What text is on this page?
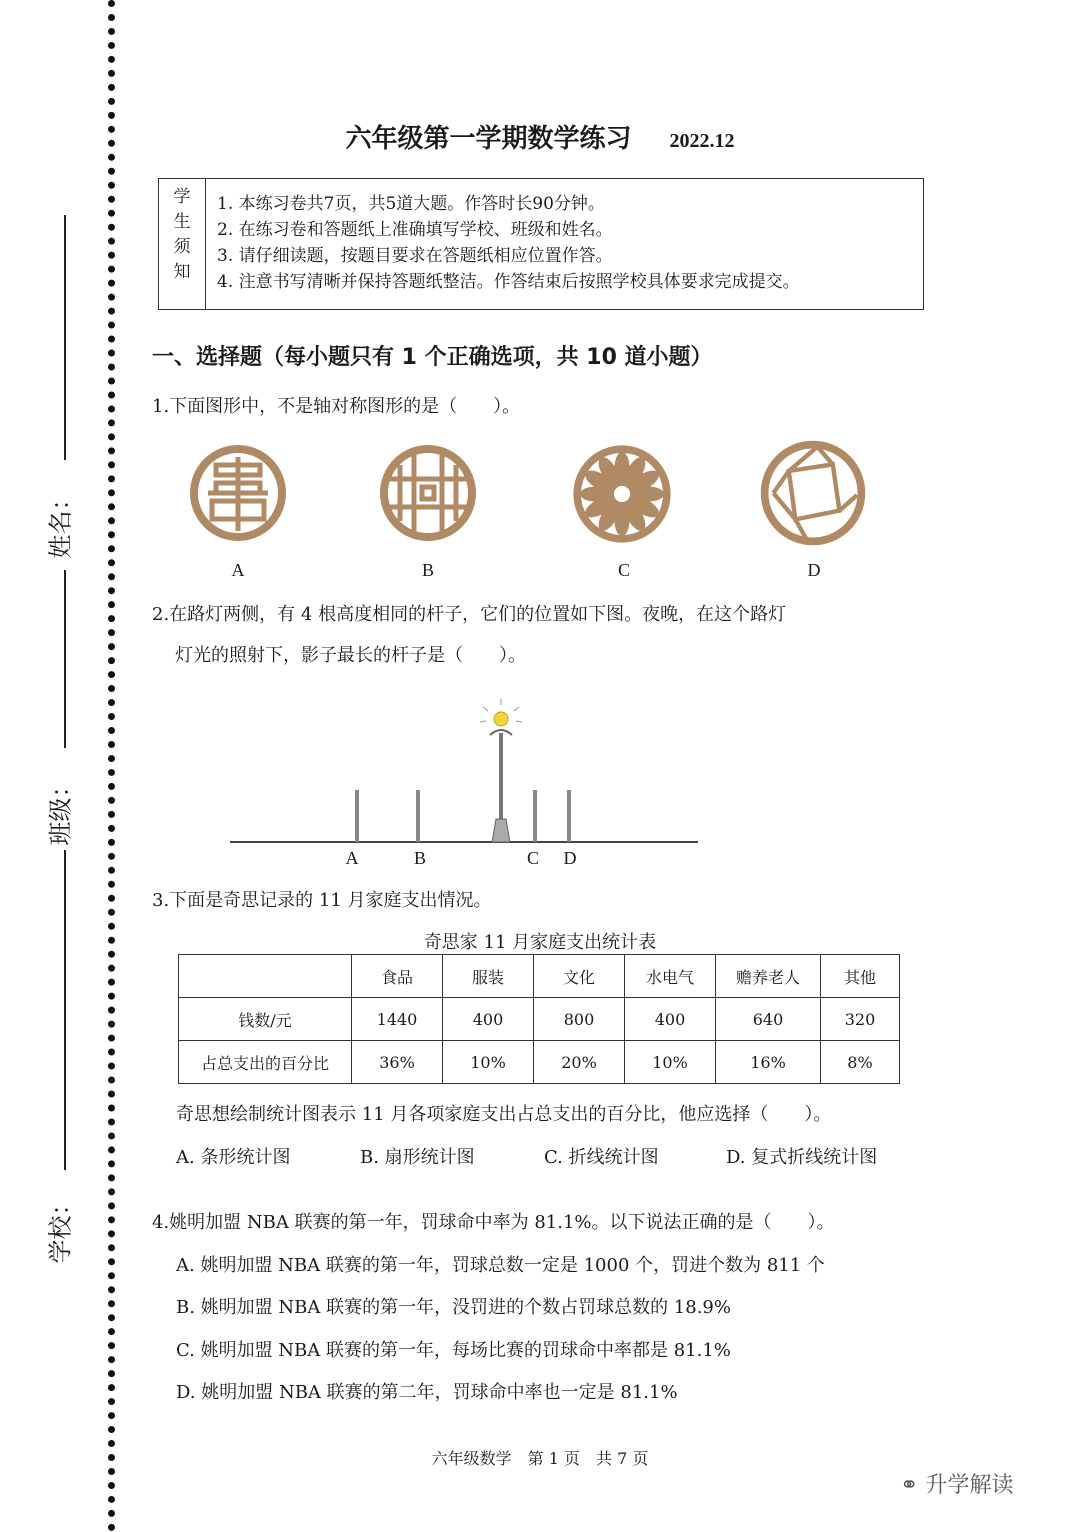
姓名：
班级：
学校：
六年级第一学期数学练习 2022.12
学
生
须
知
1. 本练习卷共7页，共5道大题。作答时长90分钟。
2. 在练习卷和答题纸上准确填写学校、班级和姓名。
3. 请仔细读题，按题目要求在答题纸相应位置作答。
4. 注意书写清晰并保持答题纸整洁。作答结束后按照学校具体要求完成提交。
一、选择题（每小题只有 1 个正确选项，共 10 道小题）
1.下面图形中，不是轴对称图形的是（　　）。
A	B	C	D
2.在路灯两侧，有 4 根高度相同的杆子，它们的位置如下图。夜晚，在这个路灯
灯光的照射下，影子最长的杆子是（　　）。
A	B	C	D
3.下面是奇思记录的 11 月家庭支出情况。
奇思家 11 月家庭支出统计表
	食品	服装	文化	水电气	赡养老人	其他
钱数/元	1440	400	800	400	640	320
占总支出的百分比	36%	10%	20%	10%	16%	8%
奇思想绘制统计图表示 11 月各项家庭支出占总支出的百分比，他应选择（　　）。
A. 条形统计图	B. 扇形统计图	C. 折线统计图	D. 复式折线统计图
4.姚明加盟 NBA 联赛的第一年，罚球命中率为 81.1%。以下说法正确的是（　　）。
A. 姚明加盟 NBA 联赛的第一年，罚球总数一定是 1000 个，罚进个数为 811 个
B. 姚明加盟 NBA 联赛的第一年，没罚进的个数占罚球总数的 18.9%
C. 姚明加盟 NBA 联赛的第一年，每场比赛的罚球命中率都是 81.1%
D. 姚明加盟 NBA 联赛的第二年，罚球命中率也一定是 81.1%
六年级数学　第 1 页　共 7 页
⚭ 升学解读
